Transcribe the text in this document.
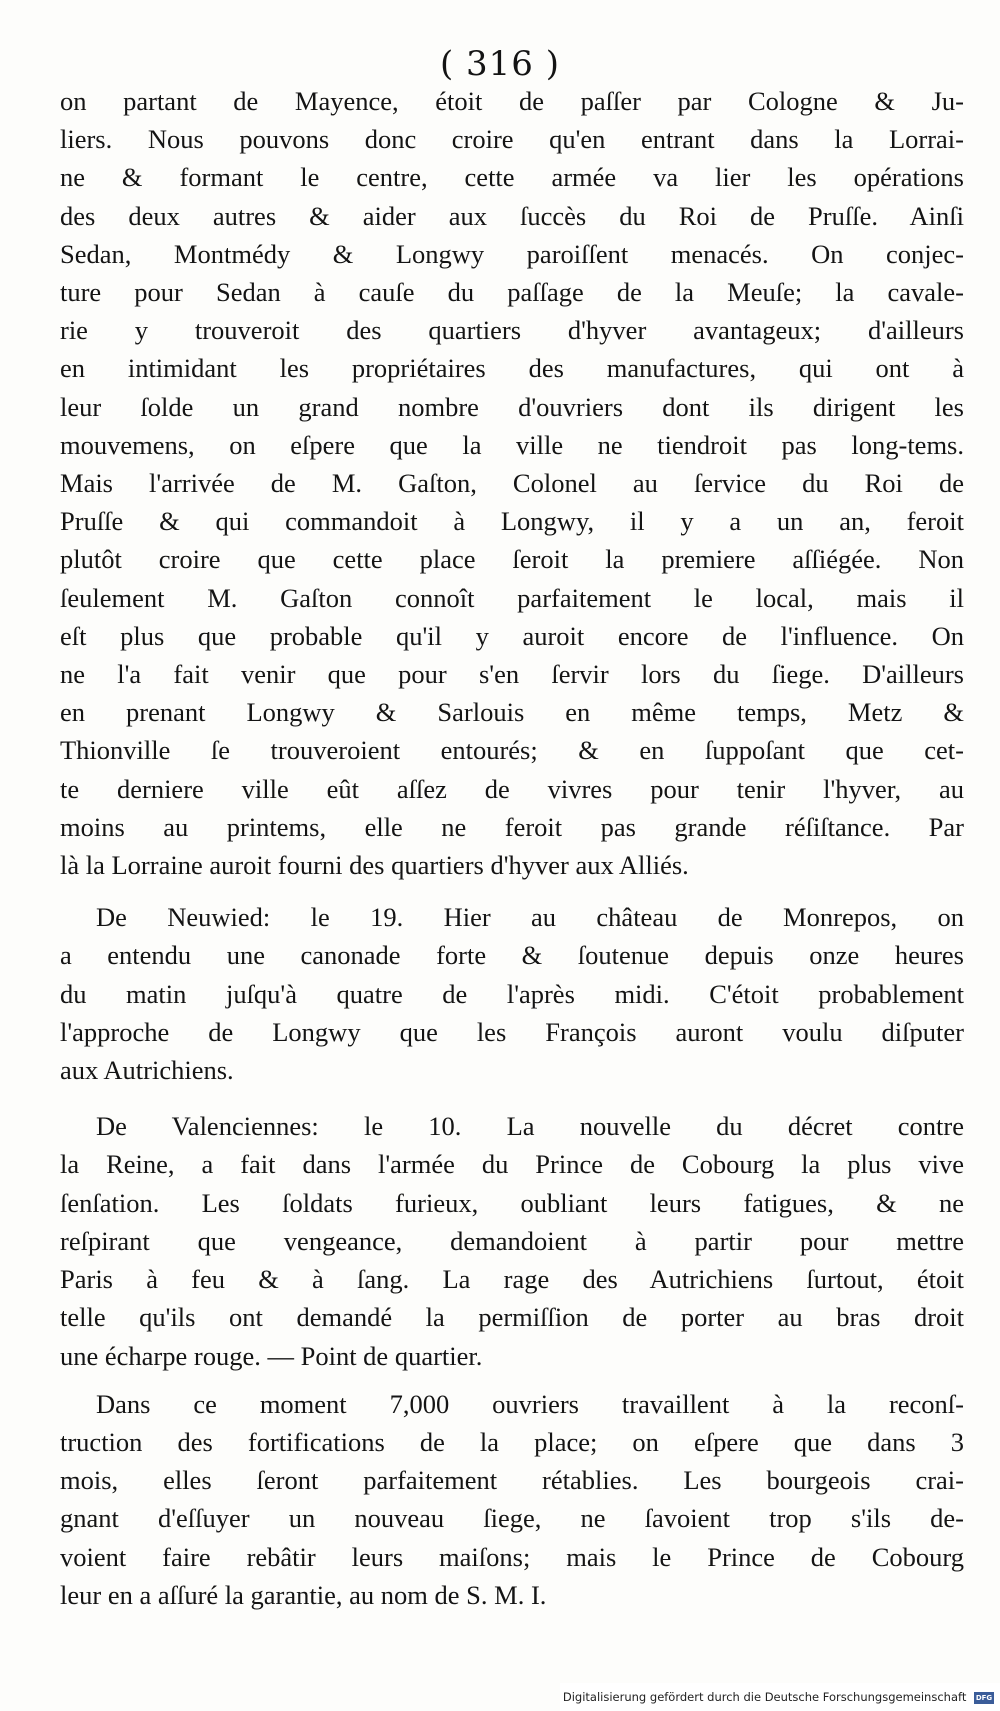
( 316 )
on partant de Mayence, étoit de paſſer par Cologne & Ju-
liers. Nous pouvons donc croire qu'en entrant dans la Lorrai-
ne & formant le centre, cette armée va lier les opérations
des deux autres & aider aux ſuccès du Roi de Pruſſe. Ainſi
Sedan, Montmédy & Longwy paroiſſent menacés. On conjec-
ture pour Sedan à cauſe du paſſage de la Meuſe; la cavale-
rie y trouveroit des quartiers d'hyver avantageux; d'ailleurs
en intimidant les propriétaires des manufactures, qui ont à
leur ſolde un grand nombre d'ouvriers dont ils dirigent les
mouvemens, on eſpere que la ville ne tiendroit pas long-tems.
Mais l'arrivée de M. Gaſton, Colonel au ſervice du Roi de
Pruſſe & qui commandoit à Longwy, il y a un an, feroit
plutôt croire que cette place ſeroit la premiere aſſiégée. Non
ſeulement M. Gaſton connoît parfaitement le local, mais il
eſt plus que probable qu'il y auroit encore de l'influence. On
ne l'a fait venir que pour s'en ſervir lors du ſiege. D'ailleurs
en prenant Longwy & Sarlouis en même temps, Metz &
Thionville ſe trouveroient entourés; & en ſuppoſant que cet-
te derniere ville eût aſſez de vivres pour tenir l'hyver, au
moins au printems, elle ne feroit pas grande réſiſtance. Par
là la Lorraine auroit fourni des quartiers d'hyver aux Alliés.
De Neuwied: le 19. Hier au château de Monrepos, on
a entendu une canonade forte & ſoutenue depuis onze heures
du matin juſqu'à quatre de l'après midi. C'étoit probablement
l'approche de Longwy que les François auront voulu diſputer
aux Autrichiens.
De Valenciennes: le 10. La nouvelle du décret contre
la Reine, a fait dans l'armée du Prince de Cobourg la plus vive
ſenſation. Les ſoldats furieux, oubliant leurs fatigues, & ne
reſpirant que vengeance, demandoient à partir pour mettre
Paris à feu & à ſang. La rage des Autrichiens ſurtout, étoit
telle qu'ils ont demandé la permiſſion de porter au bras droit
une écharpe rouge. — Point de quartier.
Dans ce moment 7,000 ouvriers travaillent à la reconſ-
truction des fortifications de la place; on eſpere que dans 3
mois, elles ſeront parfaitement rétablies. Les bourgeois crai-
gnant d'eſſuyer un nouveau ſiege, ne ſavoient trop s'ils de-
voient faire rebâtir leurs maiſons; mais le Prince de Cobourg
leur en a aſſuré la garantie, au nom de S. M. I.
Digitalisierung gefördert durch die Deutsche Forschungsgemeinschaft DFG
